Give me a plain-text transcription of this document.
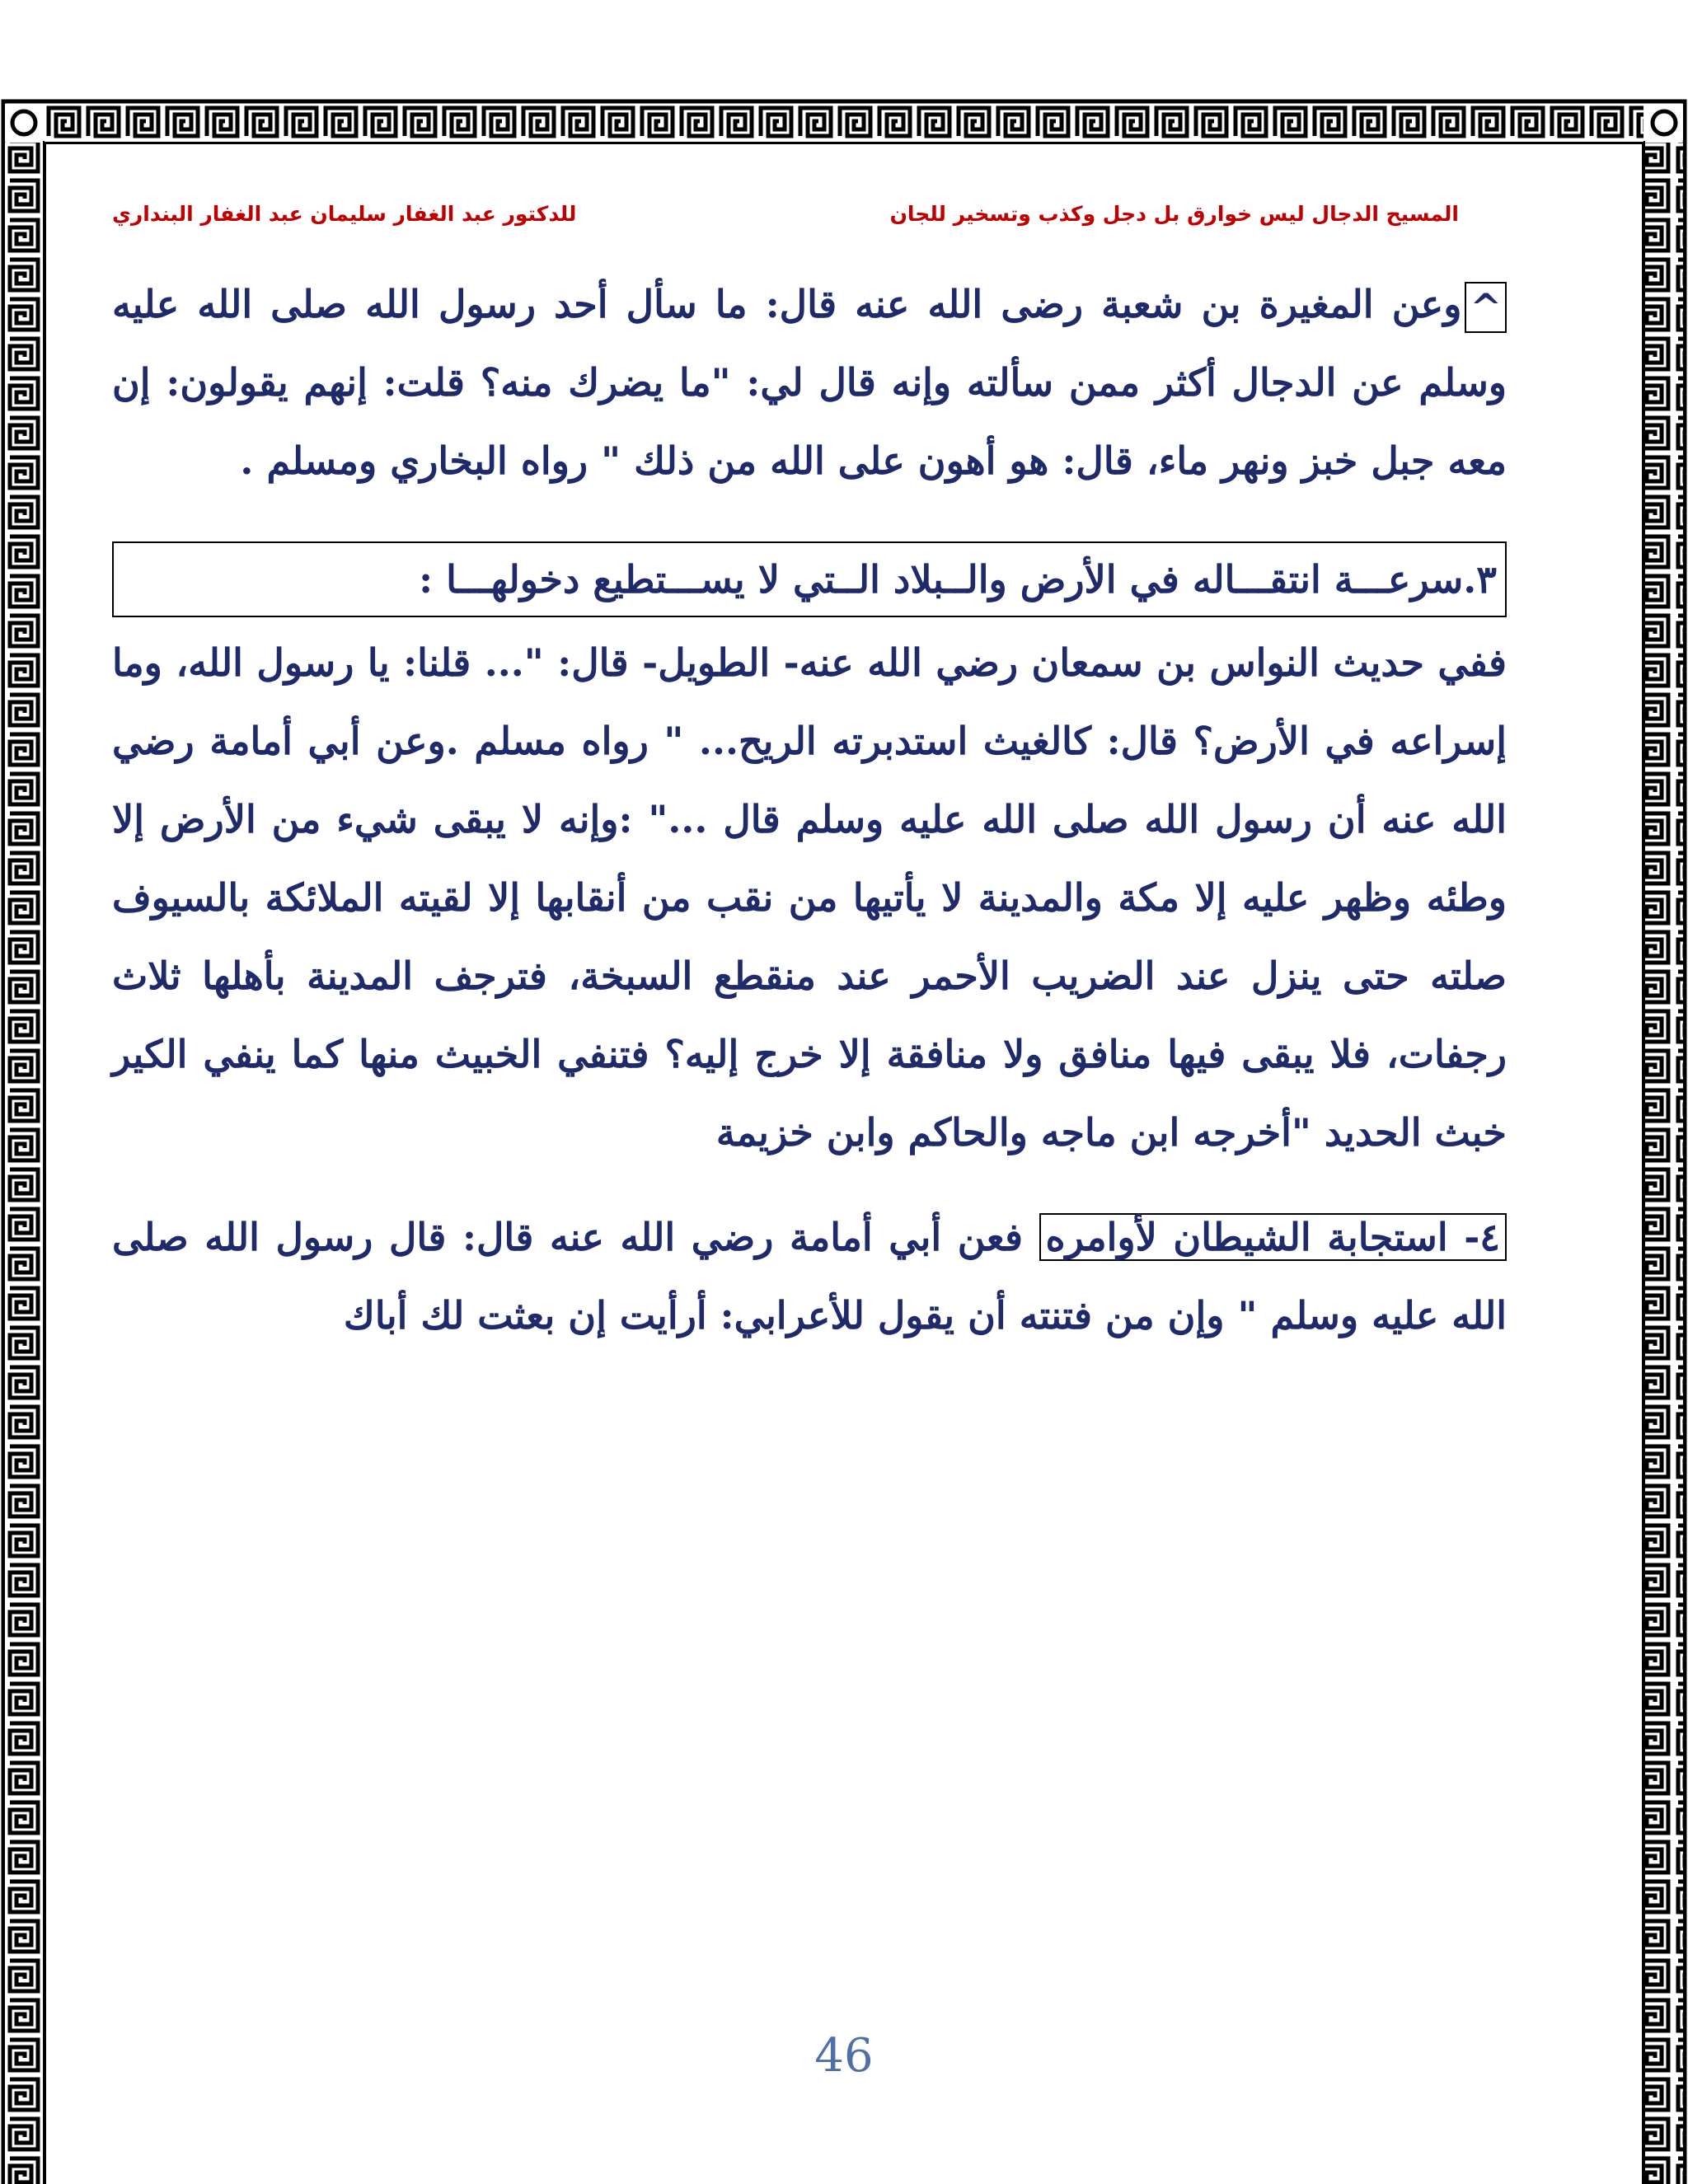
المسيح الدجال ليس خوارق بل دجل وكذب وتسخير للجان
للدكتور عبد الغفار سليمان عبد الغفار البنداري

^وعن المغيرة بن شعبة رضى الله عنه قال: ما سأل أحد رسول الله صلى الله عليه وسلم عن الدجال أكثر ممن سألته وإنه قال لي: "ما يضرك منه؟ قلت: إنهم يقولون: إن معه جبل خبز ونهر ماء، قال: هو أهون على الله من ذلك " رواه البخاري ومسلم .

٣.سرعـــة انتقـــاله في الأرض والــبلاد الــتي لا يســـتطيع دخولهـــا :

ففي حديث النواس بن سمعان رضي الله عنه- الطويل- قال: "... قلنا: يا رسول الله، وما إسراعه في الأرض؟ قال: كالغيث استدبرته الريح... " رواه مسلم .وعن أبي أمامة رضي الله عنه أن رسول الله صلى الله عليه وسلم قال ..." :وإنه لا يبقى شيء من الأرض إلا وطئه وظهر عليه إلا مكة والمدينة لا يأتيها من نقب من أنقابها إلا لقيته الملائكة بالسيوف صلته حتى ينزل عند الضريب الأحمر عند منقطع السبخة، فترجف المدينة بأهلها ثلاث رجفات، فلا يبقى فيها منافق ولا منافقة إلا خرج إليه؟ فتنفي الخبيث منها كما ينفي الكير خبث الحديد "أخرجه ابن ماجه والحاكم وابن خزيمة

٤- استجابة الشيطان لأوامره فعن أبي أمامة رضي الله عنه قال: قال رسول الله صلى الله عليه وسلم " وإن من فتنته أن يقول للأعرابي: أرأيت إن بعثت لك أباك

46
